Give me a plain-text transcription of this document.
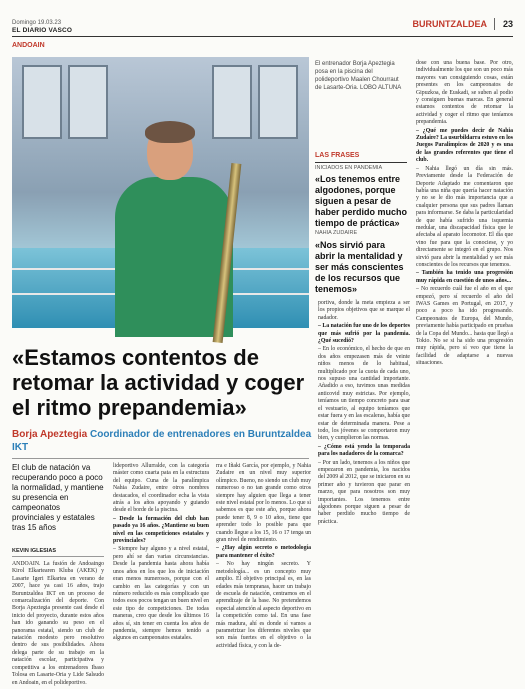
Domingo 19.03.23
EL DIARIO VASCO
BURUNTZALDEA 23
ANDOAIN
El entrenador Borja Apeztegia posa en la piscina del polideportivo Maalen Chourraut de Lasarte-Oria. LOBO ALTUNA
LAS FRASES
INICIADOS EN PANDEMIA
«Los tenemos entre algodones, porque siguen a pesar de haber perdido mucho tiempo de práctica»
NAHIA ZUDAIRE
«Nos sirvió para abrir la mentalidad y ser más conscientes de los recursos que tenemos»

portiva, donde la meta empieza a ser los propios objetivos que se marque el nadador.

– La natación fue uno de los deportes que más sufrió por la pandemia. ¿Qué sucedió?

– En lo económico, el hecho de que en dos años empezasen más de veinte niños menos de lo habitual, multiplicado por la cuota de cada uno, nos supuso una cantidad importante. Añadido a eso, tuvimos unas medidas anticovid muy estrictas. Por ejemplo, teníamos un tiempo concreto para usar el vestuario, al equipo teníamos que estar fuera y en las escaleras, había que estar de determinada manera. Pese a todo, los jóvenes se comportaron muy bien, y cumplieron las normas.

– ¿Cómo está yendo la temporada para los nadadores de la comarca?

– Por un lado, tenemos a los niños que empezaron en pandemia, los nacidos del 2009 al 2012, que se iniciaron en su primer año y tuvieron que parar en marzo, que para nosotros son muy importantes. Los tenemos entre algodones porque siguen a pesar de haber perdido mucho tiempo de práctica.

dose con una buena base. Por otro, individualmente los que son un poco más mayores van consiguiendo cosas, están presentes en los campeonatos de Gipuzkoa, de Euskadi, se suben al podio y consiguen buenas marcas. En general estamos contentos de retomar la actividad y coger el ritmo que teníamos prepandemia.

– ¿Qué me puedes decir de Nahia Zudaire? La usurbildarra estuvo en los Juegos Paralímpicos de 2020 y es una de las grandes referentes que tiene el club.

– Nahia llegó un día sin más. Previamente desde la Federación de Deporte Adaptado me comentaron que había una niña que quería hacer natación y no se le dio más importancia que a cualquier persona que sus padres llaman para informarse. Se daba la particularidad de que había sufrido una isquemia medular, una discapacidad física que le afectaba al aparato locomotor. El día que vino fue para que la conociese, y yo directamente se integró en el grupo. Nos sirvió para abrir la mentalidad y ser más conscientes de los recursos que tenemos.

– También ha tenido una progresión muy rápida en cuestión de unos años...

– No recuerdo cuál fue el año en el que empezó, pero sí recuerdo el año del IWAS Games en Portugal, en 2017, y poco a poco ha ido progresando. Campeonatos de Europa, del Mundo, previamente había participado en pruebas de la Copa del Mundo... hasta que llegó a Tokio. No se si ha sido una progresión muy rápida, pero sí veo que tiene la facilidad de adaptarse a nuevas situaciones.

«Estamos contentos de retomar la actividad y coger el ritmo prepandemia»
Borja Apeztegia Coordinador de entrenadores en Buruntzaldea IKT
El club de natación va recuperando poco a poco la normalidad, y mantiene su presencia en campeonatos provinciales y estatales tras 15 años
KEVIN IGLESIAS

ANDOAIN. La fusión de Andoaingo Kirol Elkartearen Kluba (AKEK) y Lasarte Igeri Elkartea en verano de 2007, hace ya casi 16 años, trajo Buruntzaldea IKT en un proceso de comarcalización del deporte. Con Borja Apeztegia presente casi desde el inicio del proyecto, durante estos años han ido ganando su peso en el panorama estatal, siendo un club de natación modesto pero resolutivo dentro de sus posibilidades. Ahora delega parte de su trabajo en la natación escolar, participativa y competitiva a los entrenadores Ibaso Tolosa en Lasarte-Oria y Lide Salsudo en Andoain, en el polideportivo.

lideportivo Allurralde, con la categoría máster como cuarta pata en la estructura del equipo. Cuna de la paralímpica Nahia Zudaire, entre otros nombres destacados, el coordinador echa la vista atrás a los años apoyando y guiando desde el borde de la piscina.

– Desde la formación del club han pasado ya 16 años. ¿Mantiene su buen nivel en las competiciones estatales y provinciales?

– Siempre hay alguno y a nivel estatal, pero ahí se dan varias circunstancias. Desde la pandemia hasta ahora había unos años en los que los de iniciación eran menos numerosos, porque con el cambio en las categorías y con un número reducido es más complicado que todos esos pocos tengan un buen nivel en este tipo de competiciones. De todas maneras, creo que desde los últimos 16 años sí, sin tener en cuenta los años de pandemia, siempre hemos tenido a algunos en campeonatos estatales.

rra e Iñaki García, por ejemplo, y Nahia Zudaire en un nivel muy superior olímpico. Bueno, no siendo un club muy numeroso o no tan grande como otros siempre hay alguien que llega a tener este nivel estatal por lo menos. Lo que sí sabemos es que este año, porque ahora puede tener 8, 9 o 10 años, tiene que aprender todo lo posible para que cuando llegue a los 15, 16 o 17 tenga un gran nivel de rendimiento.

– ¿Hay algún secreto o metodología para mantener el éxito?

– No hay ningún secreto. Y metodología... es un concepto muy amplio. El objetivo principal es, en las edades más tempranas, hacer un trabajo de escuela de natación, centrarnos en el aprendizaje de la base. No pretendemos especial atención al aspecto deportivo en la competición como tal. En una fase más madura, ahí es donde sí vamos a parametrizar los diferentes niveles que son más fuertes en el objetivo o la actividad física, y con la de-
